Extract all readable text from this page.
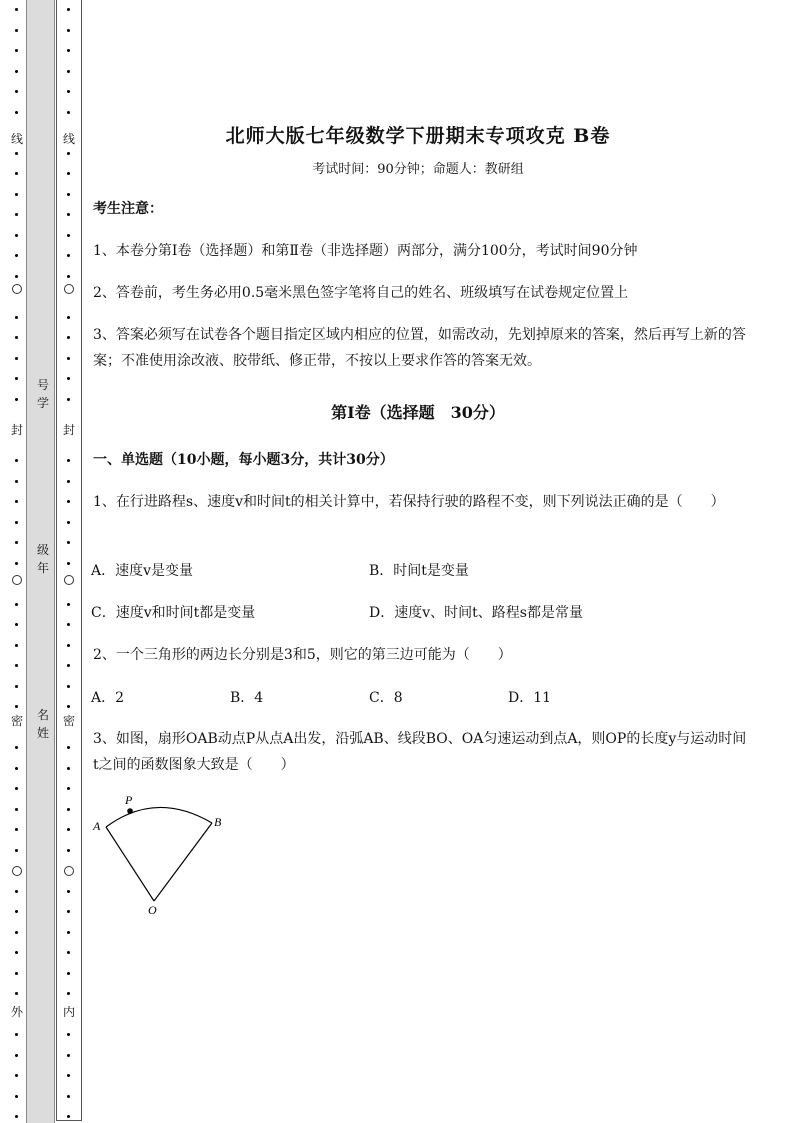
号学
级年
名姓
线
封
密
外
线
封
密
内
北师大版七年级数学下册期末专项攻克 B卷
考试时间：90分钟；命题人：教研组
考生注意：
1、本卷分第I卷（选择题）和第Ⅱ卷（非选择题）两部分，满分100分，考试时间90分钟
2、答卷前，考生务必用0.5毫米黑色签字笔将自己的姓名、班级填写在试卷规定位置上
3、答案必须写在试卷各个题目指定区域内相应的位置，如需改动，先划掉原来的答案，然后再写上新的答案；不准使用涂改液、胶带纸、修正带，不按以上要求作答的答案无效。
第I卷（选择题　30分）
一、单选题（10小题，每小题3分，共计30分）
1、在行进路程s、速度v和时间t的相关计算中，若保持行驶的路程不变，则下列说法正确的是（　　）
A．速度v是变量	B．时间t是变量
C．速度v和时间t都是变量	D．速度v、时间t、路程s都是常量
2、一个三角形的两边长分别是3和5，则它的第三边可能为（　　）
A．2	B．4	C．8	D．11
3、如图，扇形OAB动点P从点A出发，沿弧AB、线段BO、OA匀速运动到点A，则OP的长度y与运动时间t之间的函数图象大致是（　　）
A	B
O
P
